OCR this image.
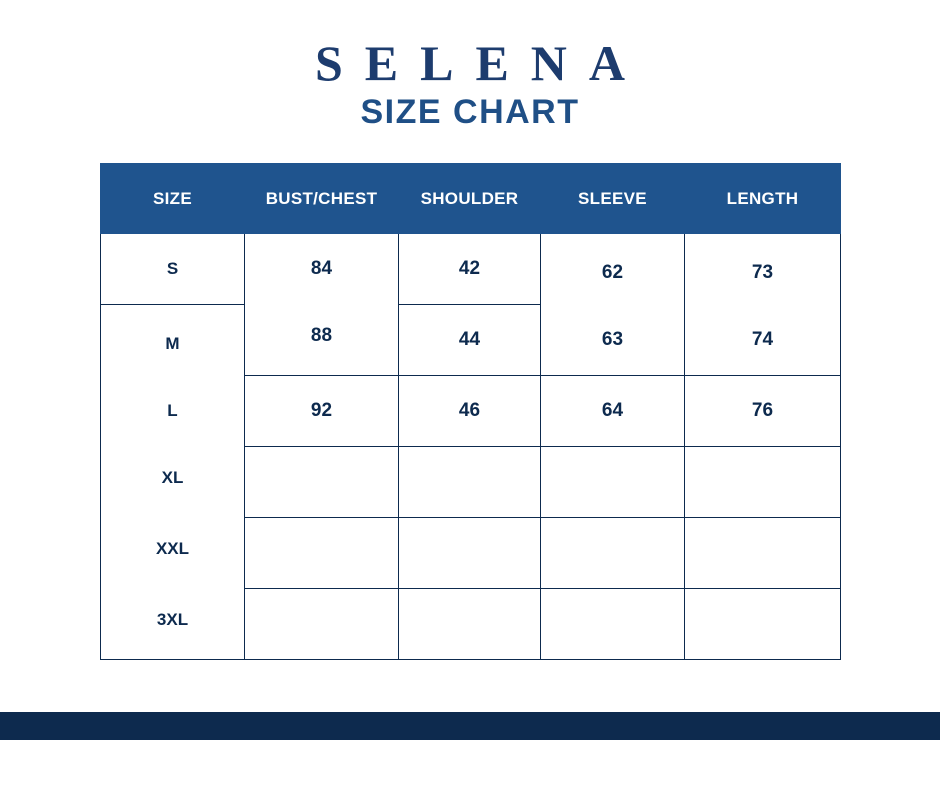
SELENA
SIZE CHART
SIZE	BUST/CHEST	SHOULDER	SLEEVE	LENGTH
S	84	42	62	73
M	88	44	63	74
L	92	46	64	76
XL				
XXL				
3XL				
